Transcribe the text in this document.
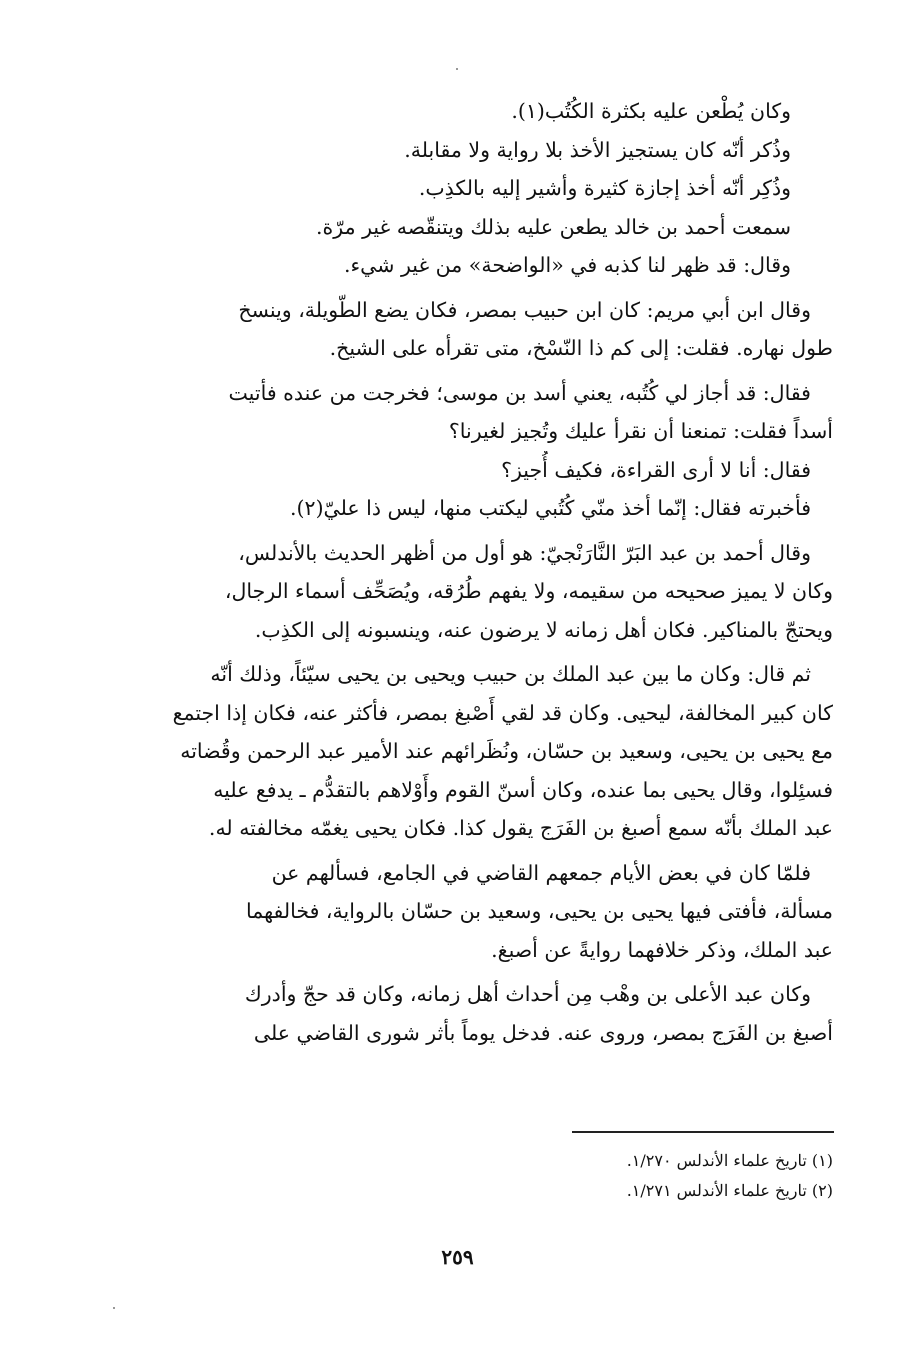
وكان يُطْعن عليه بكثرة الكُتُب(١).
وذُكر أنّه كان يستجيز الأخذ بلا رواية ولا مقابلة.
وذُكِر أنّه أخذ إجازة كثيرة وأشير إليه بالكذِب.
سمعت أحمد بن خالد يطعن عليه بذلك ويتنقّصه غير مرّة.
وقال: قد ظهر لنا كذبه في «الواضحة» من غير شيء.
وقال ابن أبي مريم: كان ابن حبيب بمصر، فكان يضع الطّويلة، وينسخ
طول نهاره. فقلت: إلى كم ذا النّسْخ، متى تقرأه على الشيخ.
فقال: قد أجاز لي كُتُبه، يعني أسد بن موسى؛ فخرجت من عنده فأتيت
أسداً فقلت: تمنعنا أن نقرأ عليك وتُجيز لغيرنا؟
فقال: أنا لا أرى القراءة، فكيف أُجيز؟
فأخبرته فقال: إنّما أخذ منّي كُتُبي ليكتب منها، ليس ذا عليّ(٢).
وقال أحمد بن عبد البَرّ النَّارَنْجيّ: هو أول من أظهر الحديث بالأندلس،
وكان لا يميز صحيحه من سقيمه، ولا يفهم طُرُقه، ويُصَحِّف أسماء الرجال،
ويحتجّ بالمناكير. فكان أهل زمانه لا يرضون عنه، وينسبونه إلى الكذِب.
ثم قال: وكان ما بين عبد الملك بن حبيب ويحيى بن يحيى سيّئاً، وذلك أنّه
كان كبير المخالفة، ليحيى. وكان قد لقي أَصْبغ بمصر، فأكثر عنه، فكان إذا اجتمع
مع يحيى بن يحيى، وسعيد بن حسّان، ونُظَرائهم عند الأمير عبد الرحمن وقُضاته
فسئِلوا، وقال يحيى بما عنده، وكان أسنّ القوم وأَوْلاهم بالتقدُّم ـ يدفع عليه
عبد الملك بأنّه سمع أصبغ بن الفَرَج يقول كذا. فكان يحيى يغمّه مخالفته له.
فلمّا كان في بعض الأيام جمعهم القاضي في الجامع، فسألهم عن
مسألة، فأفتى فيها يحيى بن يحيى، وسعيد بن حسّان بالرواية، فخالفهما
عبد الملك، وذكر خلافهما روايةً عن أصبغ.
وكان عبد الأعلى بن وهْب مِن أحداث أهل زمانه، وكان قد حجّ وأدرك
أصبغ بن الفَرَج بمصر، وروى عنه. فدخل يوماً بأثر شورى القاضي على
(١) تاريخ علماء الأندلس ١/٢٧٠.
(٢) تاريخ علماء الأندلس ١/٢٧١.
٢٥٩
